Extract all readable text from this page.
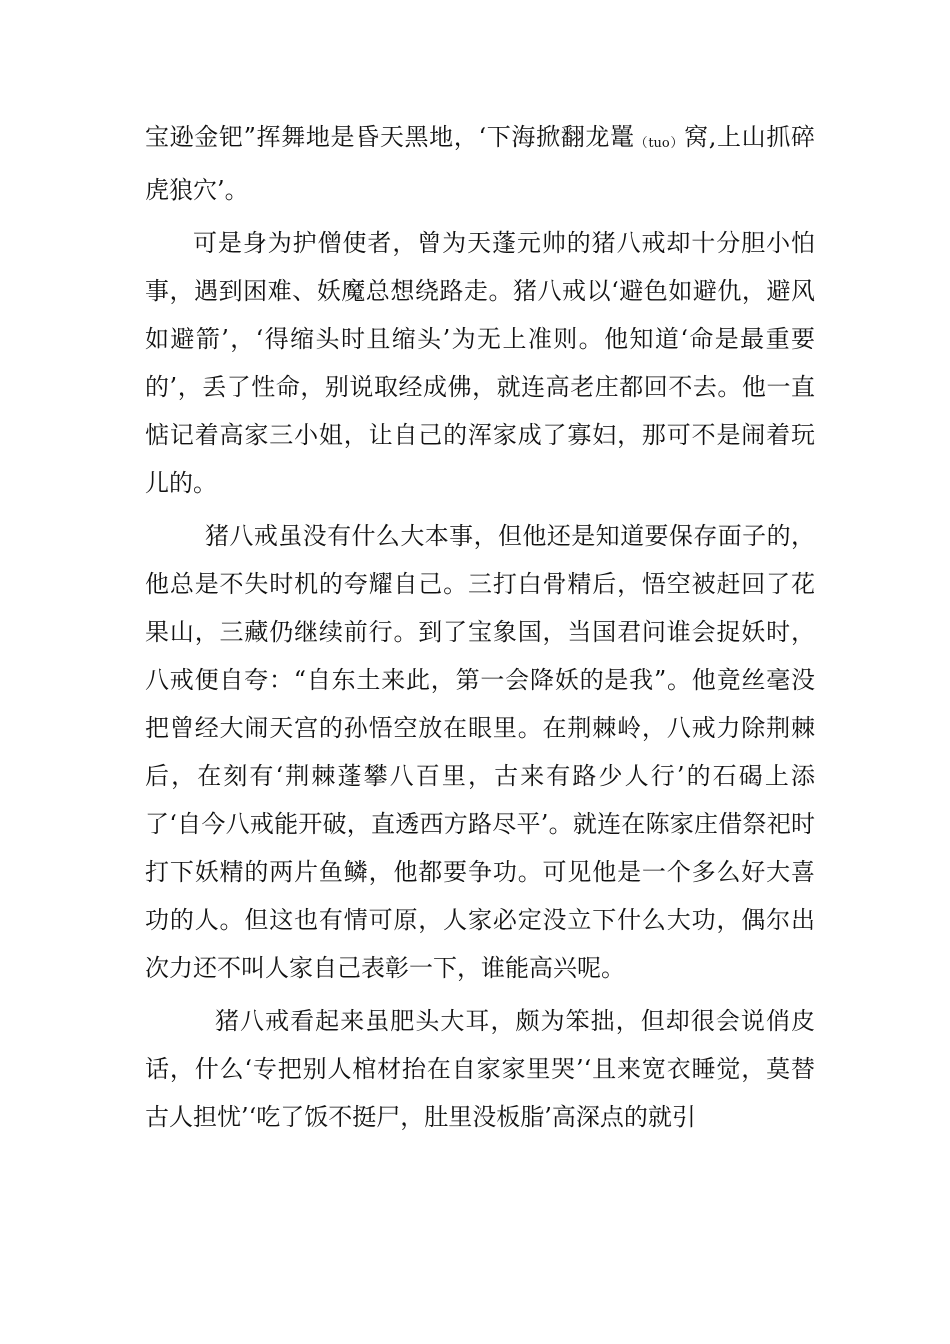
宝逊金钯”挥舞地是昏天黑地，‘下海掀翻龙鼍（tuo）窝,上山抓碎虎狼穴’。

可是身为护僧使者，曾为天蓬元帅的猪八戒却十分胆小怕事，遇到困难、妖魔总想绕路走。猪八戒以‘避色如避仇，避风如避箭’，‘得缩头时且缩头’为无上准则。他知道‘命是最重要的’，丢了性命，别说取经成佛，就连高老庄都回不去。他一直惦记着高家三小姐，让自己的浑家成了寡妇，那可不是闹着玩儿的。

猪八戒虽没有什么大本事，但他还是知道要保存面子的，他总是不失时机的夸耀自己。三打白骨精后，悟空被赶回了花果山，三藏仍继续前行。到了宝象国，当国君问谁会捉妖时，八戒便自夸：“自东土来此，第一会降妖的是我”。他竟丝毫没把曾经大闹天宫的孙悟空放在眼里。在荆棘岭，八戒力除荆棘后，在刻有‘荆棘蓬攀八百里，古来有路少人行’的石碣上添了‘自今八戒能开破，直透西方路尽平’。就连在陈家庄借祭祀时打下妖精的两片鱼鳞，他都要争功。可见他是一个多么好大喜功的人。但这也有情可原，人家必定没立下什么大功，偶尔出次力还不叫人家自己表彰一下，谁能高兴呢。

猪八戒看起来虽肥头大耳，颇为笨拙，但却很会说俏皮话，什么‘专把别人棺材抬在自家家里哭’‘且来宽衣睡觉，莫替古人担忧’‘吃了饭不挺尸，肚里没板脂’高深点的就引
